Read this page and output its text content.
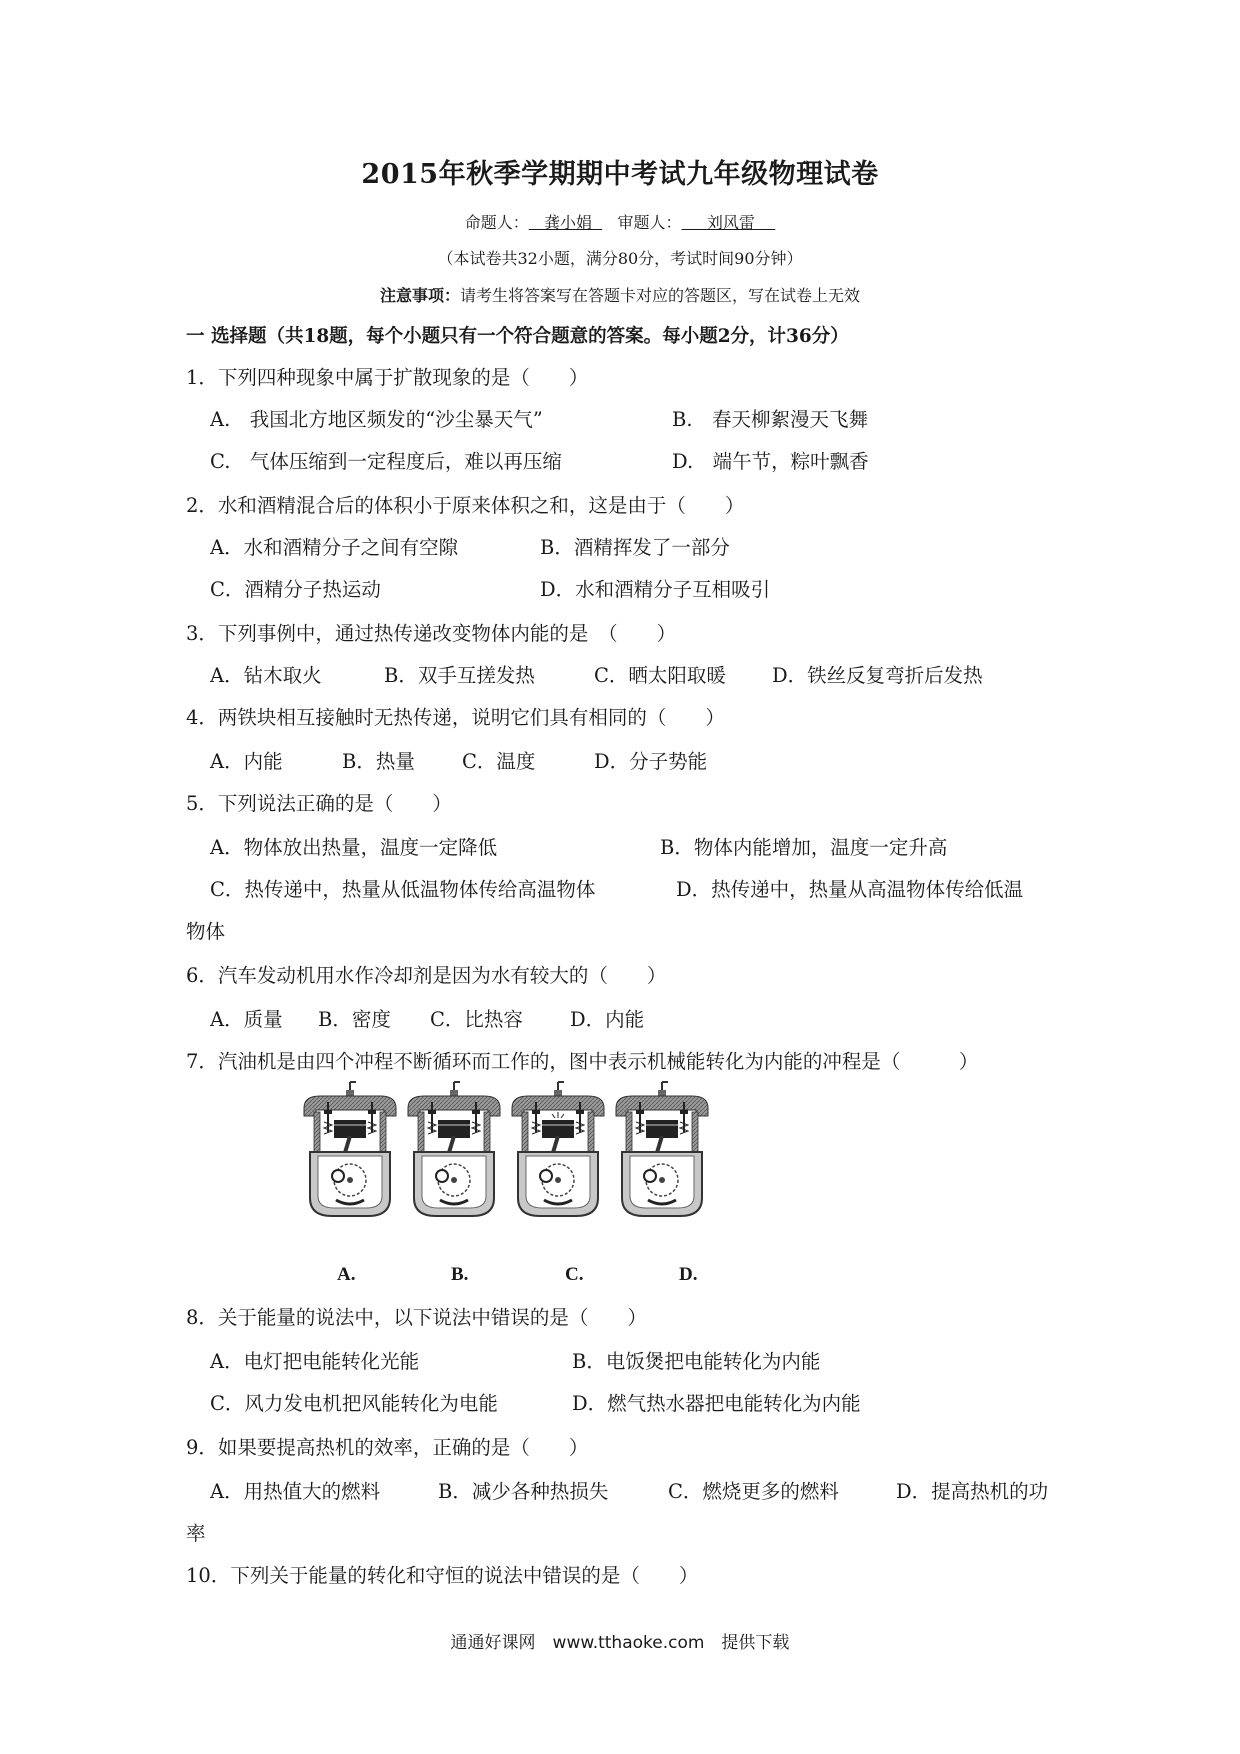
2015年秋季学期期中考试九年级物理试卷
命题人： 龚小娟 审题人： 刘风雷
（本试卷共32小题，满分80分，考试时间90分钟）
注意事项：请考生将答案写在答题卡对应的答题区，写在试卷上无效
一 选择题（共18题，每个小题只有一个符合题意的答案。每小题2分，计36分）
1．下列四种现象中属于扩散现象的是（　　）
A.　我国北方地区频发的“沙尘暴天气”	B.　春天柳絮漫天飞舞
C.　气体压缩到一定程度后，难以再压缩	D.　端午节，粽叶飘香
2．水和酒精混合后的体积小于原来体积之和，这是由于（　　）
A．水和酒精分子之间有空隙	B．酒精挥发了一部分
C．酒精分子热运动	D．水和酒精分子互相吸引
3．下列事例中，通过热传递改变物体内能的是　（　　）
A．钻木取火	B．双手互搓发热	C．晒太阳取暖 D．铁丝反复弯折后发热
4．两铁块相互接触时无热传递，说明它们具有相同的（　　）
A．内能	B．热量 C．温度	D．分子势能
5．下列说法正确的是（　　）
A．物体放出热量，温度一定降低	B．物体内能增加，温度一定升高
C．热传递中，热量从低温物体传给高温物体	D．热传递中，热量从高温物体传给低温
物体
6．汽车发动机用水作冷却剂是因为水有较大的（　　）
A．质量 B．密度 C．比热容 D．内能
7．汽油机是由四个冲程不断循环而工作的，图中表示机械能转化为内能的冲程是（　　　）
A.	B.	C.	D.
8．关于能量的说法中，以下说法中错误的是（　　）
A．电灯把电能转化光能	B．电饭煲把电能转化为内能
C．风力发电机把风能转化为电能	D．燃气热水器把电能转化为内能
9．如果要提高热机的效率，正确的是（　　）
A．用热值大的燃料	B．减少各种热损失	C．燃烧更多的燃料	D．提高热机的功
率
10．下列关于能量的转化和守恒的说法中错误的是（　　）
通通好课网　www.tthaoke.com　提供下载
